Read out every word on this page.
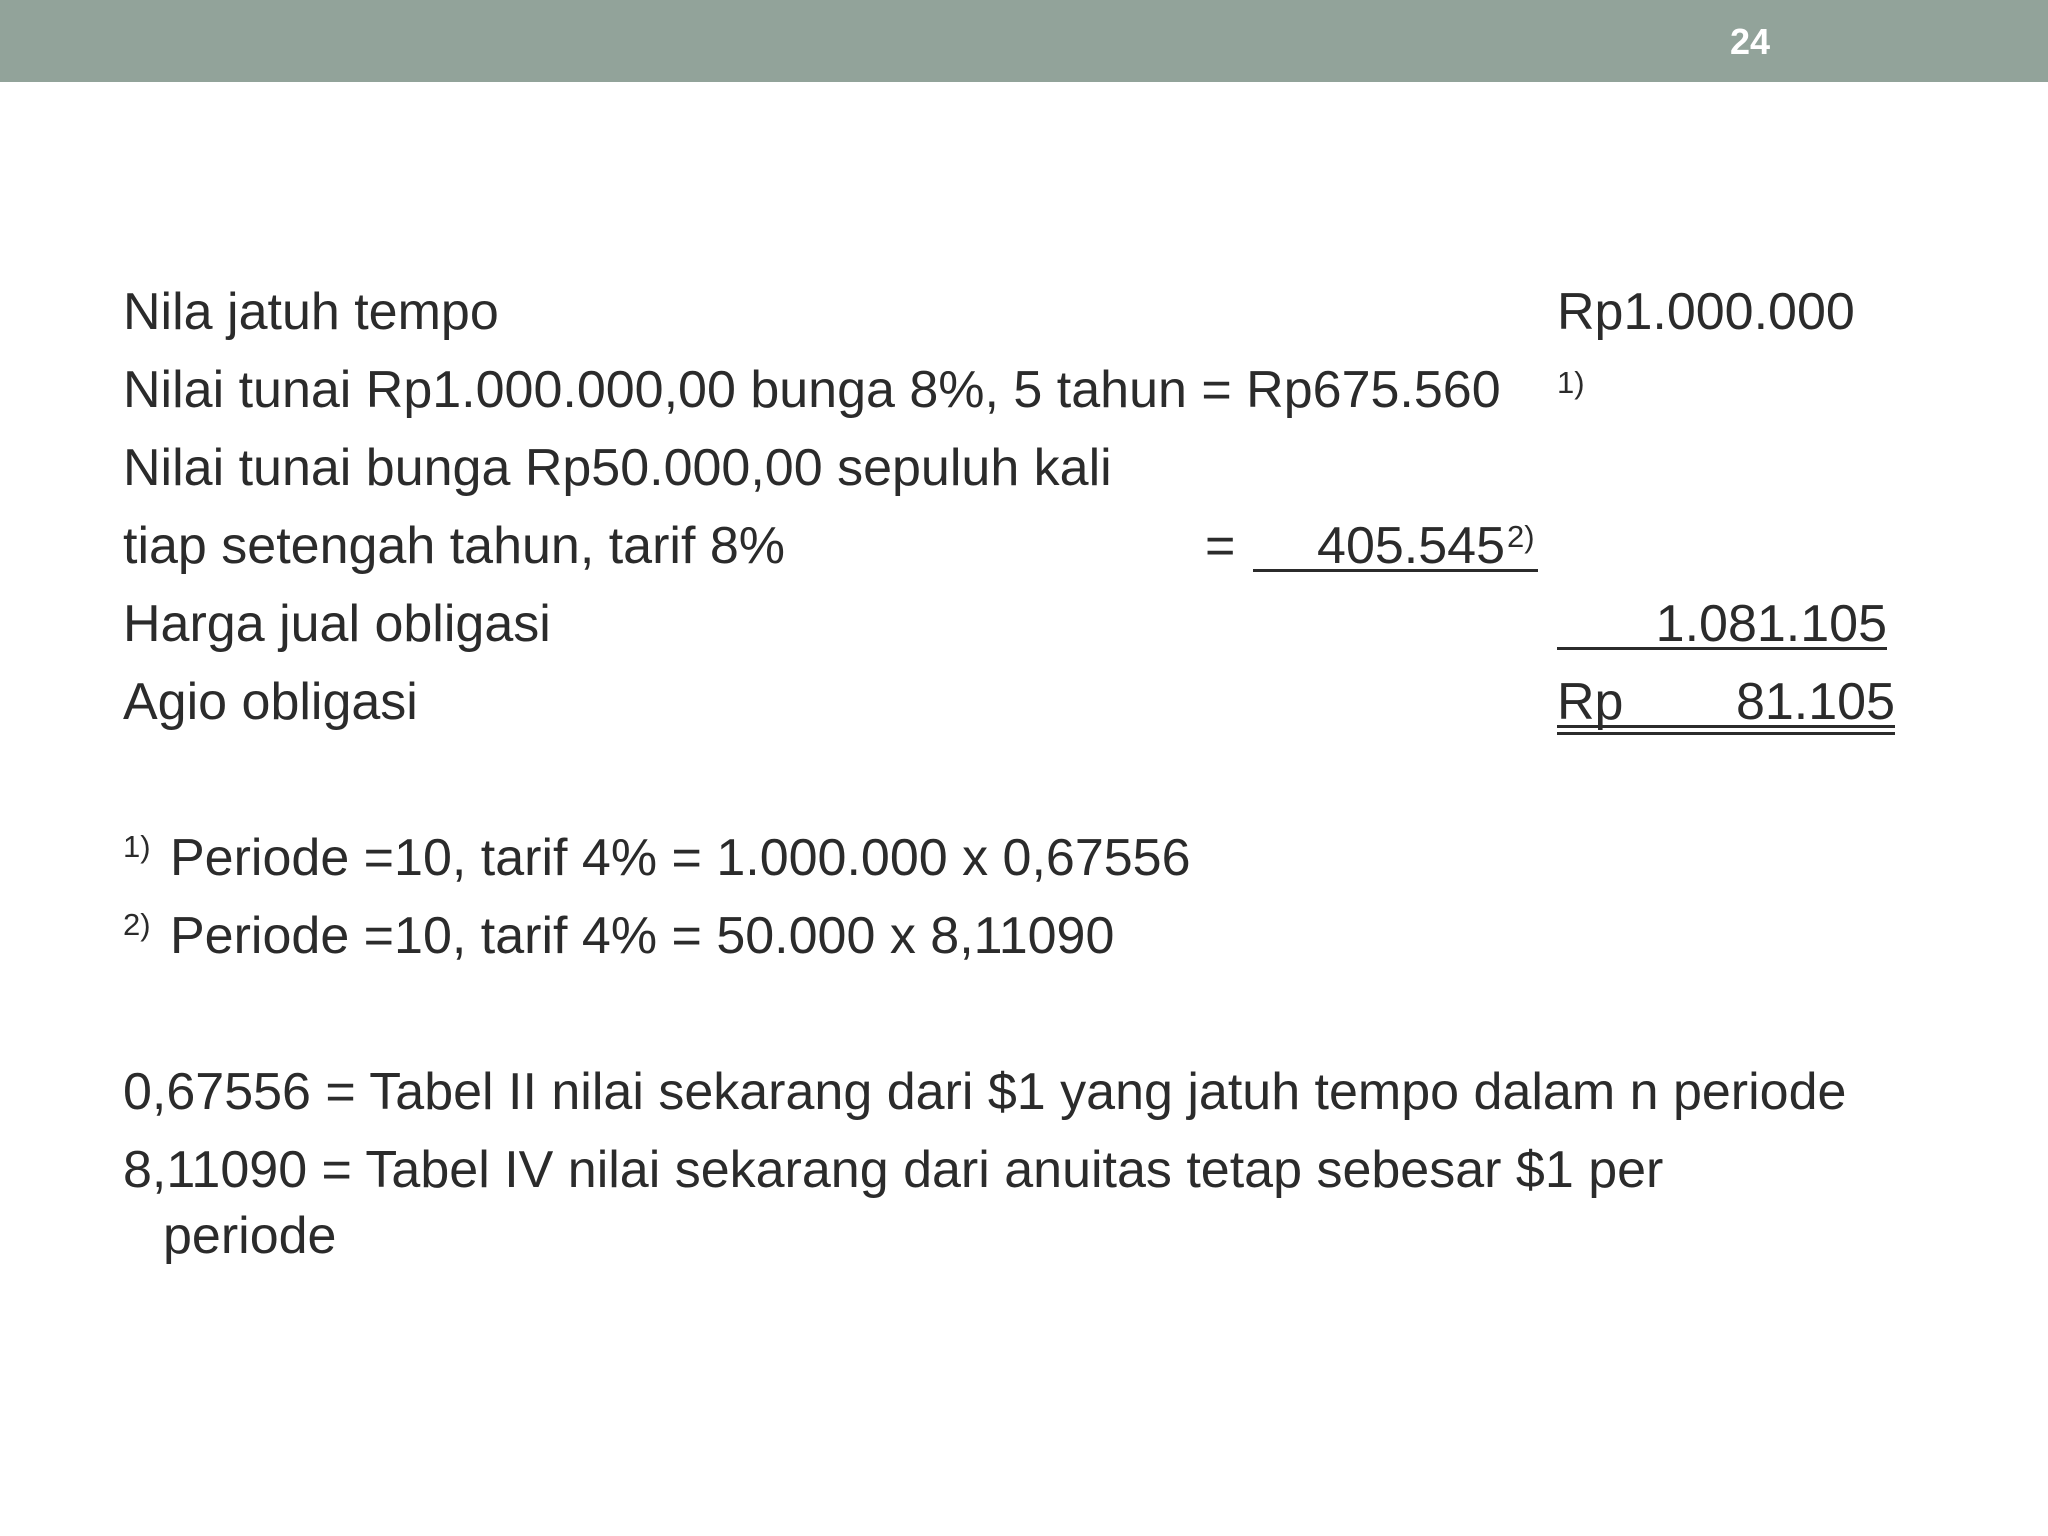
24
Nila jatuh tempo	Rp1.000.000
Nilai tunai Rp1.000.000,00 bunga 8%, 5 tahun = Rp675.560 1)
Nilai tunai bunga Rp50.000,00 sepuluh kali
tiap setengah tahun, tarif 8%	=	405.545 2)
Harga jual obligasi	1.081.105
Agio obligasi	Rp	81.105
1) Periode =10, tarif 4% = 1.000.000 x 0,67556
2) Periode =10, tarif 4% = 50.000 x 8,11090
0,67556 = Tabel II nilai sekarang dari $1 yang jatuh tempo dalam n periode
8,11090 = Tabel IV nilai sekarang dari anuitas tetap sebesar $1 per
periode
